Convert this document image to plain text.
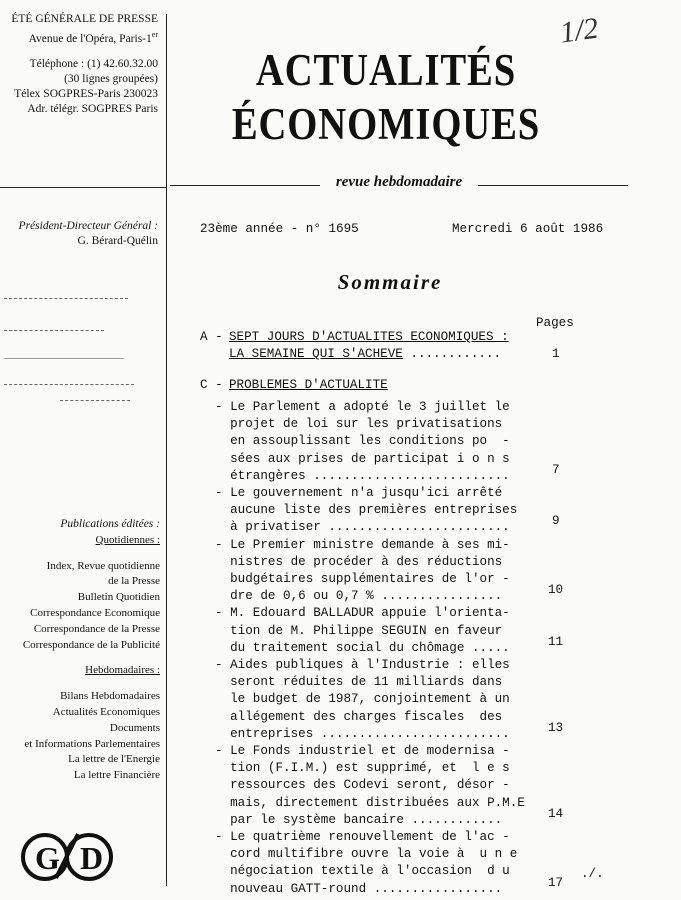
ÉTÉ GÉNÉRALE DE PRESSE
Avenue de l'Opéra, Paris-1er
Téléphone : (1) 42.60.32.00
(30 lignes groupées)
Télex SOGPRES-Paris 230023
Adr. télégr. SOGPRES Paris
Président-Directeur Général :
G. Bérard-Quélin
Publications éditées :
Quotidiennes :
Index, Revue quotidienne
de la Presse
Bulletin Quotidien
Correspondance Economique
Correspondance de la Presse
Correspondance de la Publicité
Hebdomadaires :
Bilans Hebdomadaires
Actualités Economiques
Documents
et Informations Parlementaires
La lettre de l'Energie
La lettre Financière
G D
1/2
ACTUALITÉS
ÉCONOMIQUES
revue hebdomadaire
23ème année - n° 1695	Mercredi 6 août 1986
Sommaire
Pages
A - SEPT JOURS D'ACTUALITES ECONOMIQUES :
LA SEMAINE QUI S'ACHEVE ............	1
C - PROBLEMES D'ACTUALITE
- Le Parlement a adopté le 3 juillet le
projet de loi sur les privatisations
en assouplissant les conditions po  -
sées aux prises de participat i o n s
étrangères ..........................	7
- Le gouvernement n'a jusqu'ici arrêté
aucune liste des premières entreprises
à privatiser ........................	9
- Le Premier ministre demande à ses mi-
nistres de procéder à des réductions
budgétaires supplémentaires de l'or -
dre de 0,6 ou 0,7 % ................	10
- M. Edouard BALLADUR appuie l'orienta-
tion de M. Philippe SEGUIN en faveur
du traitement social du chômage .....	11
- Aides publiques à l'Industrie : elles
seront réduites de 11 milliards dans
le budget de 1987, conjointement à un
allégement des charges fiscales  des
entreprises .........................	13
- Le Fonds industriel et de modernisa -
tion (F.I.M.) est supprimé, et  l e s
ressources des Codevi seront, désor -
mais, directement distribuées aux P.M.E
par le système bancaire ............	14
- Le quatrième renouvellement de l'ac -
cord multifibre ouvre la voie à  u n e
négociation textile à l'occasion  d u
nouveau GATT-round .................	17
./.
